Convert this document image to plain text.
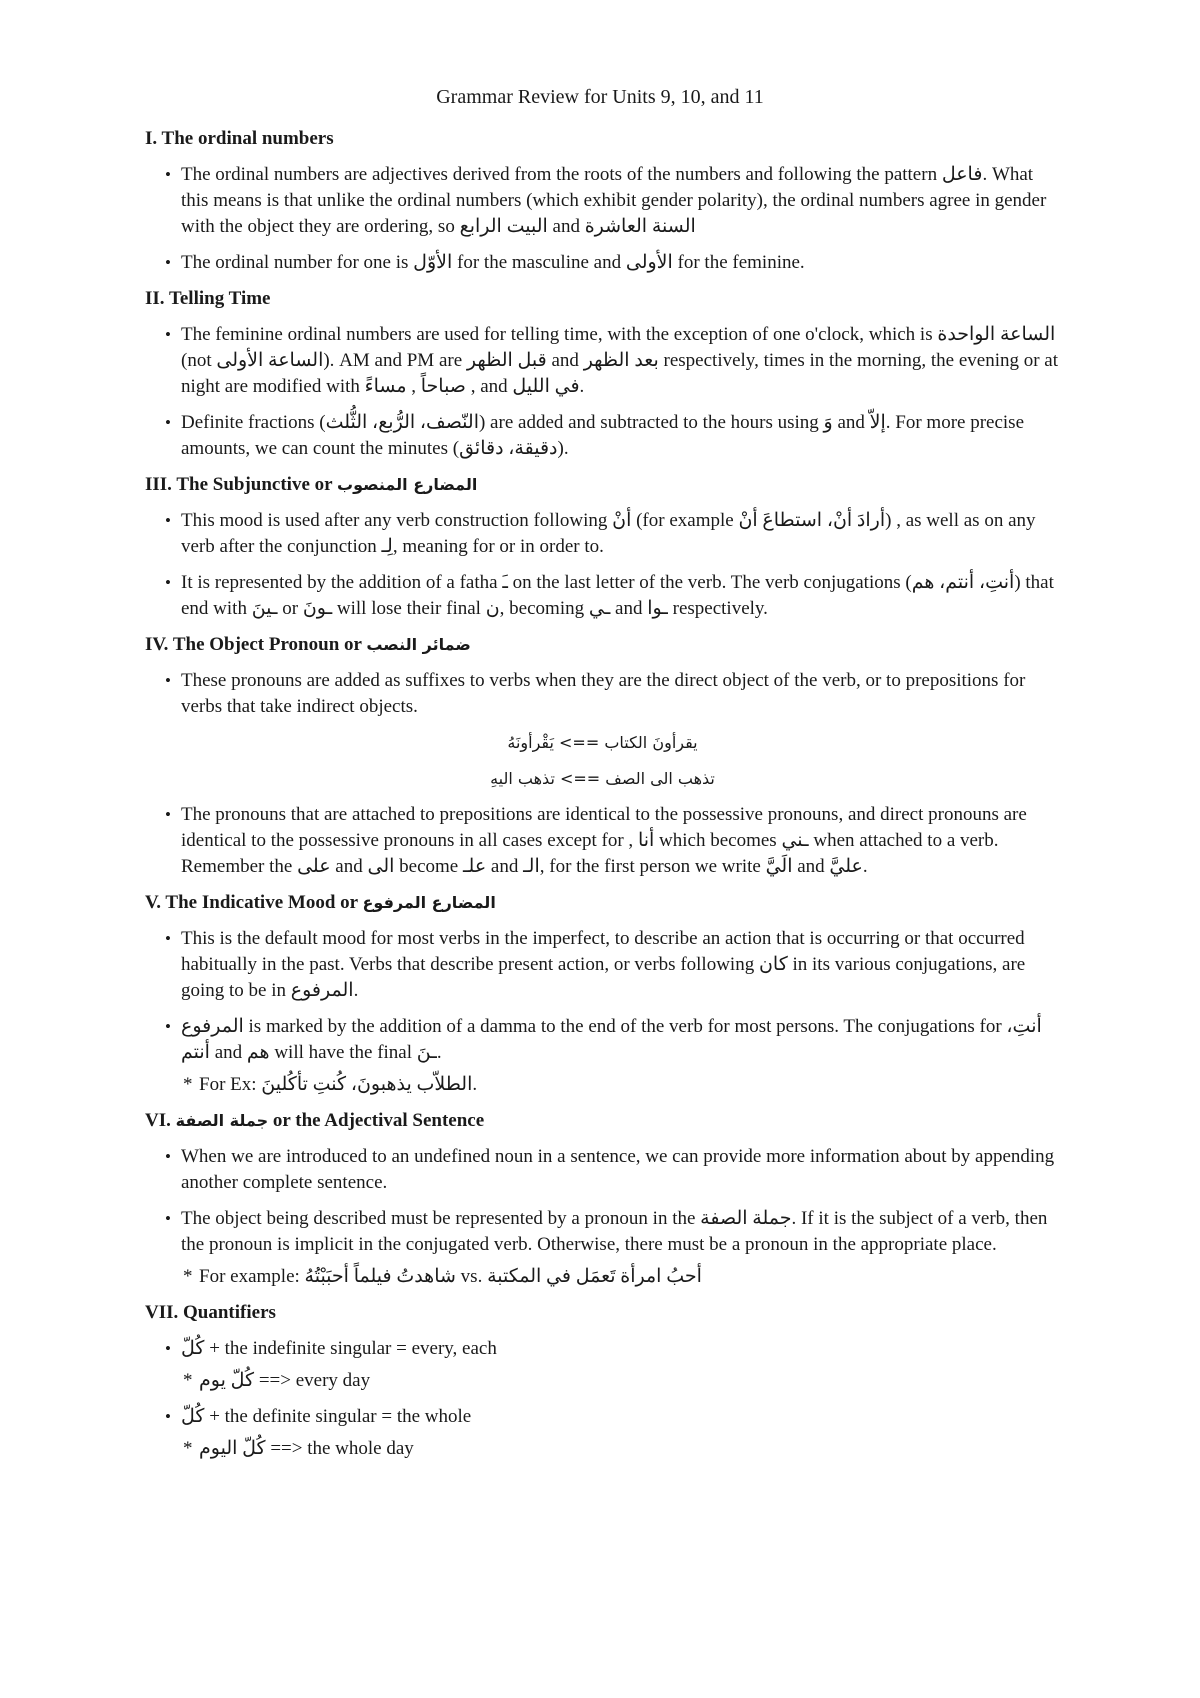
Grammar Review for Units 9, 10, and 11
I. The ordinal numbers
• The ordinal numbers are adjectives derived from the roots of the numbers and following the pattern فاعل. What this means is that unlike the ordinal numbers (which exhibit gender polarity), the ordinal numbers agree in gender with the object they are ordering, so البيت الرابع and السنة العاشرة
• The ordinal number for one is الأوّل for the masculine and الأولى for the feminine.
II. Telling Time
• The feminine ordinal numbers are used for telling time, with the exception of one o'clock, which is الساعة الواحدة (not الساعة الأولى). AM and PM are قبل الظهر and بعد الظهر respectively, times in the morning, the evening or at night are modified with صباحاً , مساءً , and في الليل.
• Definite fractions (النّصف، الرُّبع، الثُّلث) are added and subtracted to the hours using وَ and إلاّ. For more precise amounts, we can count the minutes (دقيقة، دقائق).
III. The Subjunctive or المضارع المنصوب
• This mood is used after any verb construction following أنْ (for example أرادَ أنْ، استطاعَ أنْ) , as well as on any verb after the conjunction لِـ, meaning for or in order to.
• It is represented by the addition of a fatha ـَ on the last letter of the verb. The verb conjugations (أنتِ، أنتم، هم) that end with ـينَ or ـونَ will lose their final ن, becoming ـي and ـوا respectively.
IV. The Object Pronoun or ضمائر النصب
• These pronouns are added as suffixes to verbs when they are the direct object of the verb, or to prepositions for verbs that take indirect objects.
يقرأونَ الكتاب ==> يَقْرأونَهُ
تذهب الى الصف ==> تذهب اليهِ
• The pronouns that are attached to prepositions are identical to the possessive pronouns, and direct pronouns are identical to the possessive pronouns in all cases except for , أنا which becomes ـني when attached to a verb. Remember the على and الى become علـ and الـ, for the first person we write الَيَّ and عليَّ.
V. The Indicative Mood or المضارع المرفوع
• This is the default mood for most verbs in the imperfect, to describe an action that is occurring or that occurred habitually in the past. Verbs that describe present action, or verbs following كان in its various conjugations, are going to be in المرفوع.
• المرفوع is marked by the addition of a damma to the end of the verb for most persons. The conjugations for أنتِ، أنتم and هم will have the final ـنَ.
* For Ex: الطلاّب يذهبونَ، كُنتِ تأكُلينَ.
VI. جملة الصفة or the Adjectival Sentence
• When we are introduced to an undefined noun in a sentence, we can provide more information about by appending another complete sentence.
• The object being described must be represented by a pronoun in the جملة الصفة. If it is the subject of a verb, then the pronoun is implicit in the conjugated verb. Otherwise, there must be a pronoun in the appropriate place.
* For example: شاهدتُ فيلماً أحبَبْتُهُ vs. أحبُ امرأة تَعمَل في المكتبة
VII. Quantifiers
• كُلّ + the indefinite singular = every, each
* كُلّ يوم ==> every day
• كُلّ + the definite singular = the whole
* كُلّ اليوم ==> the whole day
